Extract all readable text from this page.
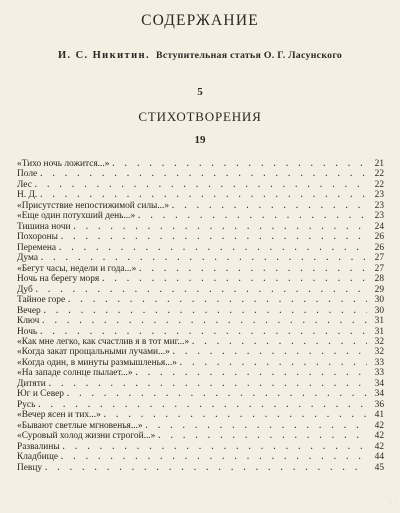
СОДЕРЖАНИЕ
И. С. Никитин. Вступительная статья О. Г. Ласунского
5
СТИХОТВОРЕНИЯ
19
«Тихо ночь ложится...» . . .	21
Поле . . .	22
Лес . . .	22
Н. Д. . . .	23
«Присутствие непостижимой силы...» . . .	23
«Еще один потухший день...» . . .	23
Тишина ночи . . .	24
Похороны . . .	26
Перемена . . .	26
Дума . . .	27
«Бегут часы, недели и года...» . . .	27
Ночь на берегу моря . . .	28
Дуб . . .	29
Тайное горе . . .	30
Вечер . . .	30
Ключ . . .	31
Ночь . . .	31
«Как мне легко, как счастлив я в тот миг...» . . .	32
«Когда закат прощальными лучами...» . . .	32
«Когда один, в минуты размышленья...» . . .	33
«На западе солнце пылает...» . . .	33
Дитяти . . .	34
Юг и Север . . .	34
Русь . . .	36
«Вечер ясен и тих...» . . .	41
«Бывают светлые мгновенья...» . . .	42
«Суровый холод жизни строгой...» . . .	42
Развалины . . .	42
Кладбище . . .	44
Певцу . . .	45
au.ru
